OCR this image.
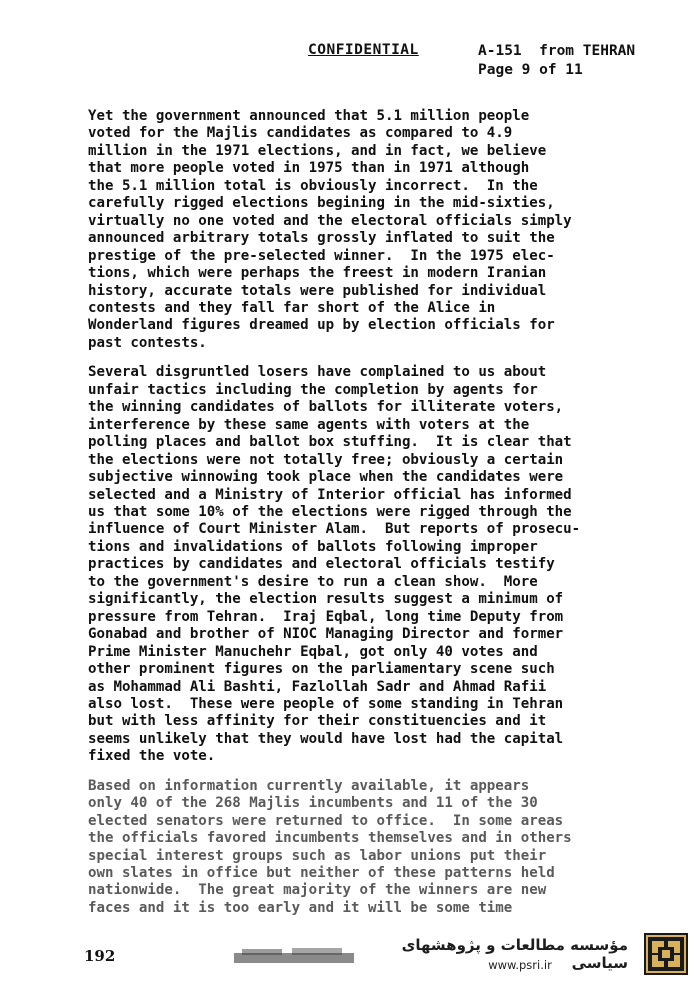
CONFIDENTIAL	A-151  from TEHRAN
Page 9 of 11
Yet the government announced that 5.1 million people
voted for the Majlis candidates as compared to 4.9
million in the 1971 elections, and in fact, we believe
that more people voted in 1975 than in 1971 although
the 5.1 million total is obviously incorrect.  In the
carefully rigged elections begining in the mid-sixties,
virtually no one voted and the electoral officials simply
announced arbitrary totals grossly inflated to suit the
prestige of the pre-selected winner.  In the 1975 elec-
tions, which were perhaps the freest in modern Iranian
history, accurate totals were published for individual
contests and they fall far short of the Alice in
Wonderland figures dreamed up by election officials for
past contests.
Several disgruntled losers have complained to us about
unfair tactics including the completion by agents for
the winning candidates of ballots for illiterate voters,
interference by these same agents with voters at the
polling places and ballot box stuffing.  It is clear that
the elections were not totally free; obviously a certain
subjective winnowing took place when the candidates were
selected and a Ministry of Interior official has informed
us that some 10% of the elections were rigged through the
influence of Court Minister Alam.  But reports of prosecu-
tions and invalidations of ballots following improper
practices by candidates and electoral officials testify
to the government's desire to run a clean show.  More
significantly, the election results suggest a minimum of
pressure from Tehran.  Iraj Eqbal, long time Deputy from
Gonabad and brother of NIOC Managing Director and former
Prime Minister Manuchehr Eqbal, got only 40 votes and
other prominent figures on the parliamentary scene such
as Mohammad Ali Bashti, Fazlollah Sadr and Ahmad Rafii
also lost.  These were people of some standing in Tehran
but with less affinity for their constituencies and it
seems unlikely that they would have lost had the capital
fixed the vote.
Based on information currently available, it appears
only 40 of the 268 Majlis incumbents and 11 of the 30
elected senators were returned to office.  In some areas
the officials favored incumbents themselves and in others
special interest groups such as labor unions put their
own slates in office but neither of these patterns held
nationwide.  The great majority of the winners are new
faces and it is too early and it will be some time
192
مؤسسه مطالعات و پژوهشهای سیاسی
www.psri.ir
